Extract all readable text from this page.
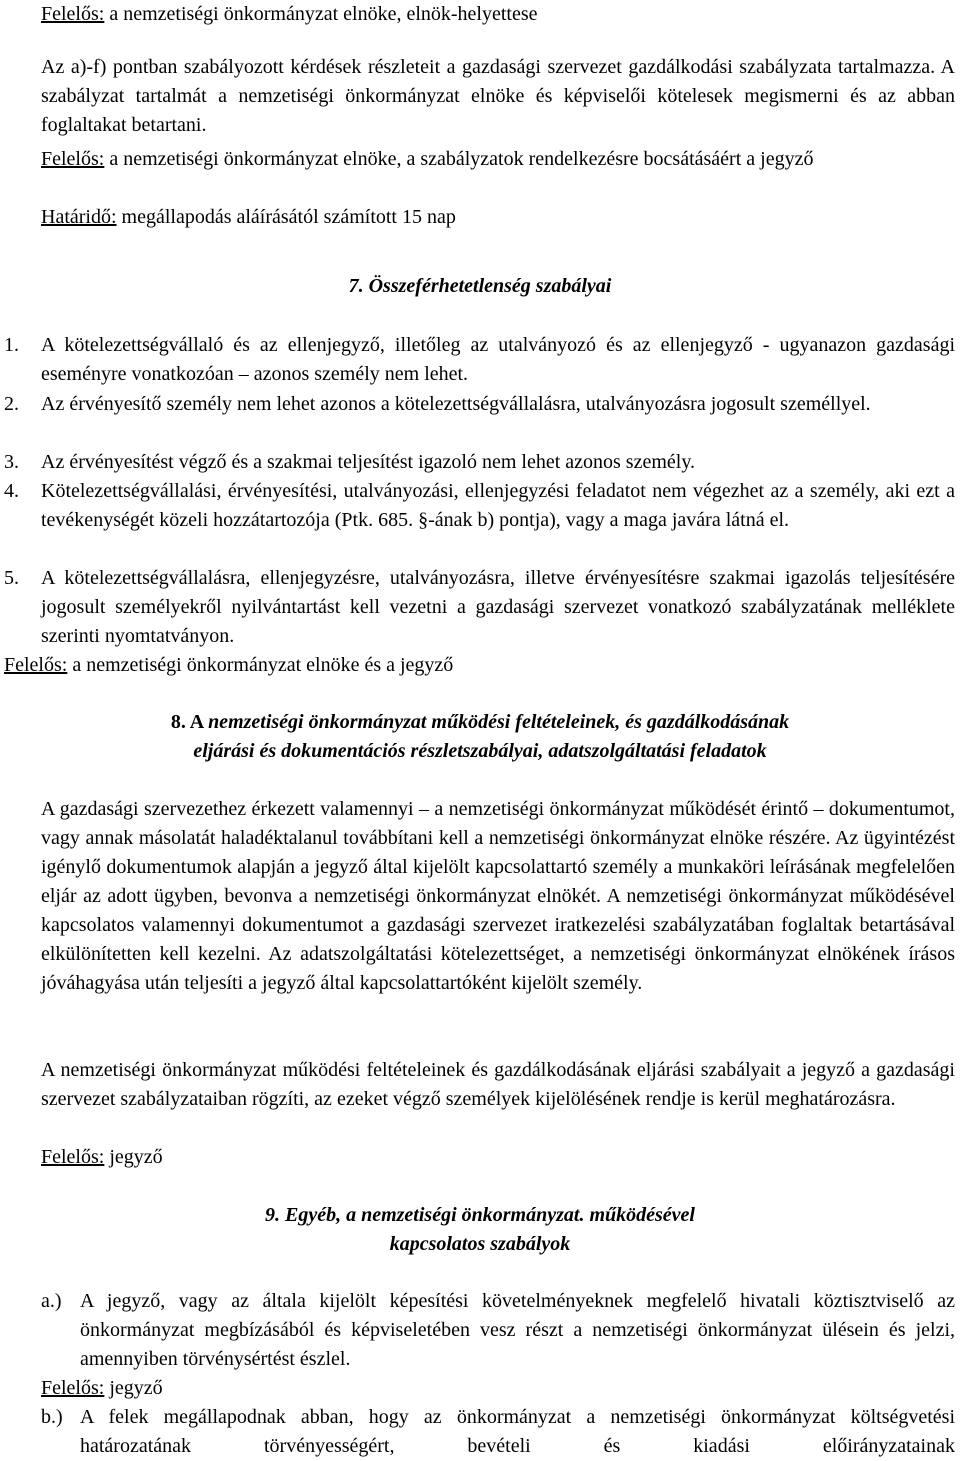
Felelős: a nemzetiségi önkormányzat elnöke, elnök-helyettese

Az a)-f) pontban szabályozott kérdések részleteit a gazdasági szervezet gazdálkodási szabályzata tartalmazza. A szabályzat tartalmát a nemzetiségi önkormányzat elnöke és képviselői kötelesek megismerni és az abban foglaltakat betartani.

Felelős: a nemzetiségi önkormányzat elnöke, a szabályzatok rendelkezésre bocsátásáért a jegyző

Határidő: megállapodás aláírásától számított 15 nap

7. Összeférhetetlenség szabályai

1. A kötelezettségvállaló és az ellenjegyző, illetőleg az utalványozó és az ellenjegyző - ugyanazon gazdasági eseményre vonatkozóan – azonos személy nem lehet.

2. Az érvényesítő személy nem lehet azonos a kötelezettségvállalásra, utalványozásra jogosult személlyel.

3. Az érvényesítést végző és a szakmai teljesítést igazoló nem lehet azonos személy.

4. Kötelezettségvállalási, érvényesítési, utalványozási, ellenjegyzési feladatot nem végezhet az a személy, aki ezt a tevékenységét közeli hozzátartozója (Ptk. 685. §-ának b) pontja), vagy a maga javára látná el.

5. A kötelezettségvállalásra, ellenjegyzésre, utalványozásra, illetve érvényesítésre szakmai igazolás teljesítésére jogosult személyekről nyilvántartást kell vezetni a gazdasági szervezet vonatkozó szabályzatának melléklete szerinti nyomtatványon.

Felelős: a nemzetiségi önkormányzat elnöke és a jegyző

8. A nemzetiségi önkormányzat működési feltételeinek, és gazdálkodásának eljárási és dokumentációs részletszabályai, adatszolgáltatási feladatok

A gazdasági szervezethez érkezett valamennyi – a nemzetiségi önkormányzat működését érintő – dokumentumot, vagy annak másolatát haladéktalanul továbbítani kell a nemzetiségi önkormányzat elnöke részére. Az ügyintézést igénylő dokumentumok alapján a jegyző által kijelölt kapcsolattartó személy a munkaköri leírásának megfelelően eljár az adott ügyben, bevonva a nemzetiségi önkormányzat elnökét. A nemzetiségi önkormányzat működésével kapcsolatos valamennyi dokumentumot a gazdasági szervezet iratkezelési szabályzatában foglaltak betartásával elkülönítetten kell kezelni. Az adatszolgáltatási kötelezettséget, a nemzetiségi önkormányzat elnökének írásos jóváhagyása után teljesíti a jegyző által kapcsolattartóként kijelölt személy.

A nemzetiségi önkormányzat működési feltételeinek és gazdálkodásának eljárási szabályait a jegyző a gazdasági szervezet szabályzataiban rögzíti, az ezeket végző személyek kijelölésének rendje is kerül meghatározásra.

Felelős: jegyző

9. Egyéb, a nemzetiségi önkormányzat. működésével kapcsolatos szabályok

a.) A jegyző, vagy az általa kijelölt képesítési követelményeknek megfelelő hivatali köztisztviselő az önkormányzat megbízásából és képviseletében vesz részt a nemzetiségi önkormányzat ülésein és jelzi, amennyiben törvénysértést észlel.

Felelős: jegyző

b.) A felek megállapodnak abban, hogy az önkormányzat a nemzetiségi önkormányzat költségvetési határozatának törvényességért, bevételi és kiadási előirányzatainak
